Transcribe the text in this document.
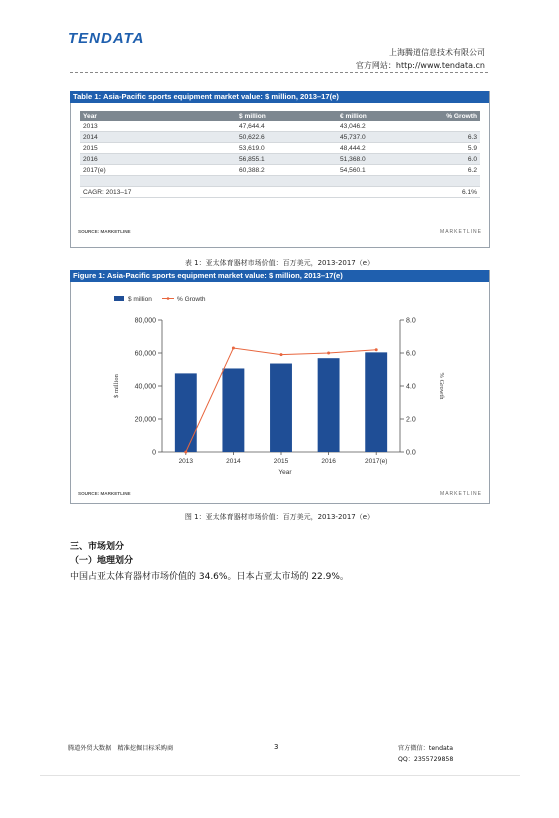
TENDATA
上海腾道信息技术有限公司
官方网站：http://www.tendata.cn
Table 1: Asia-Pacific sports equipment market value: $ million, 2013–17(e)
Year	$ million	€ million	% Growth
2013	47,644.4	43,046.2	
2014	50,622.6	45,737.0	6.3
2015	53,619.0	48,444.2	5.9
2016	56,855.1	51,368.0	6.0
2017(e)	60,388.2	54,560.1	6.2

CAGR: 2013–17			6.1%
SOURCE: MARKETLINE	MARKETLINE
表 1：亚太体育器材市场价值：百万美元，2013-2017（e）
Figure 1: Asia-Pacific sports equipment market value: $ million, 2013–17(e)
$ million	% Growth
$ million	% Growth
Year
0
20,000
40,000
60,000
80,000
0.0
2.0
4.0
6.0
8.0
2013	2014	2015	2016	2017(e)
SOURCE: MARKETLINE	MARKETLINE
图 1：亚太体育器材市场价值：百万美元，2013-2017（e）
三、市场划分
（一）地理划分
中国占亚太体育器材市场价值的 34.6%。日本占亚太市场的 22.9%。
腾道外贸大数据　精准挖掘目标采购商	3	官方微信：tendata
QQ：2355729858
